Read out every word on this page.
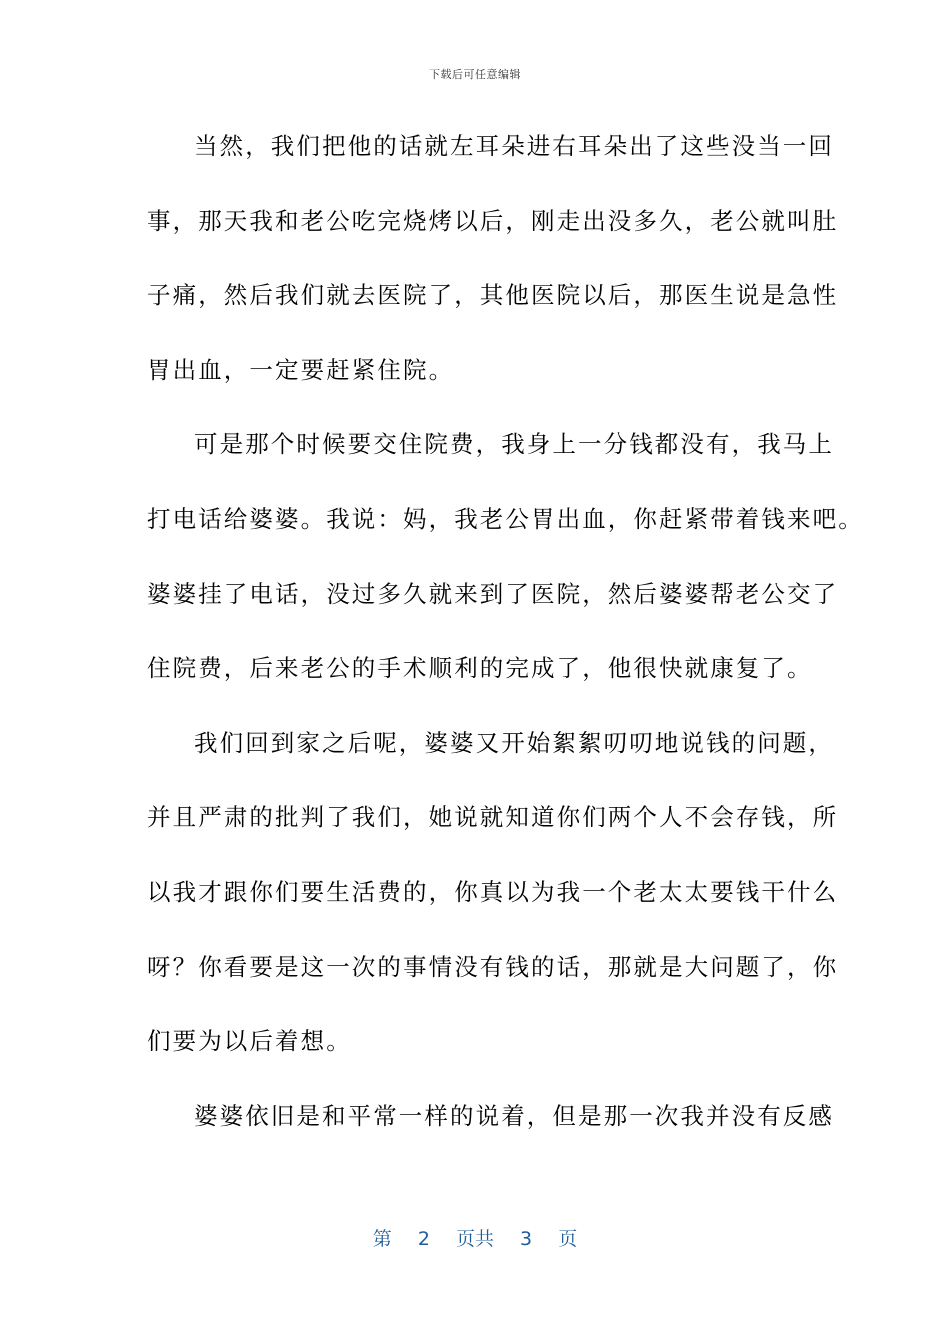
下载后可任意编辑
当然，我们把他的话就左耳朵进右耳朵出了这些没当一回
事，那天我和老公吃完烧烤以后，刚走出没多久，老公就叫肚
子痛，然后我们就去医院了，其他医院以后，那医生说是急性
胃出血，一定要赶紧住院。
可是那个时候要交住院费，我身上一分钱都没有，我马上
打电话给婆婆。我说：妈，我老公胃出血，你赶紧带着钱来吧。
婆婆挂了电话，没过多久就来到了医院，然后婆婆帮老公交了
住院费，后来老公的手术顺利的完成了，他很快就康复了。
我们回到家之后呢，婆婆又开始絮絮叨叨地说钱的问题，
并且严肃的批判了我们，她说就知道你们两个人不会存钱，所
以我才跟你们要生活费的，你真以为我一个老太太要钱干什么
呀？你看要是这一次的事情没有钱的话，那就是大问题了，你
们要为以后着想。
婆婆依旧是和平常一样的说着，但是那一次我并没有反感
第 2 页共 3 页
